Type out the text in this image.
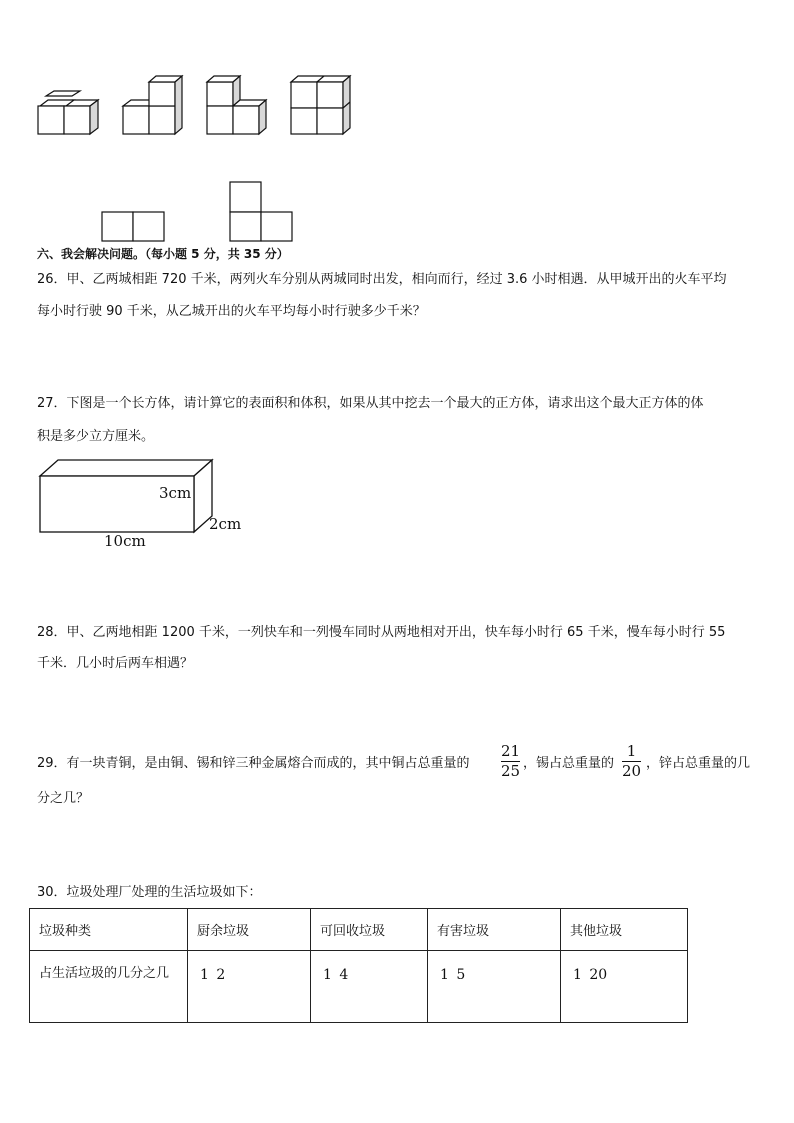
六、我会解决问题。（每小题 5 分，共 35 分）
26．甲、乙两城相距 720 千米，两列火车分别从两城同时出发，相向而行，经过 3.6 小时相遇．从甲城开出的火车平均
每小时行驶 90 千米，从乙城开出的火车平均每小时行驶多少千米？
27．下图是一个长方体，请计算它的表面积和体积，如果从其中挖去一个最大的正方体，请求出这个最大正方体的体
积是多少立方厘米。
3cm
2cm
10cm
28．甲、乙两地相距 1200 千米，一列快车和一列慢车同时从两地相对开出，快车每小时行 65 千米，慢车每小时行 55
千米．几小时后两车相遇？
29．有一块青铜，是由铜、锡和锌三种金属熔合而成的，其中铜占总重量的
21
25 ，锡占总重量的
1
20 ，锌占总重量的几
分之几？
30．垃圾处理厂处理的生活垃圾如下：
垃圾种类	厨余垃圾	可回收垃圾	有害垃圾	其他垃圾

占生活垃圾的几分之几	1 2	1 4	1 5	1 20
